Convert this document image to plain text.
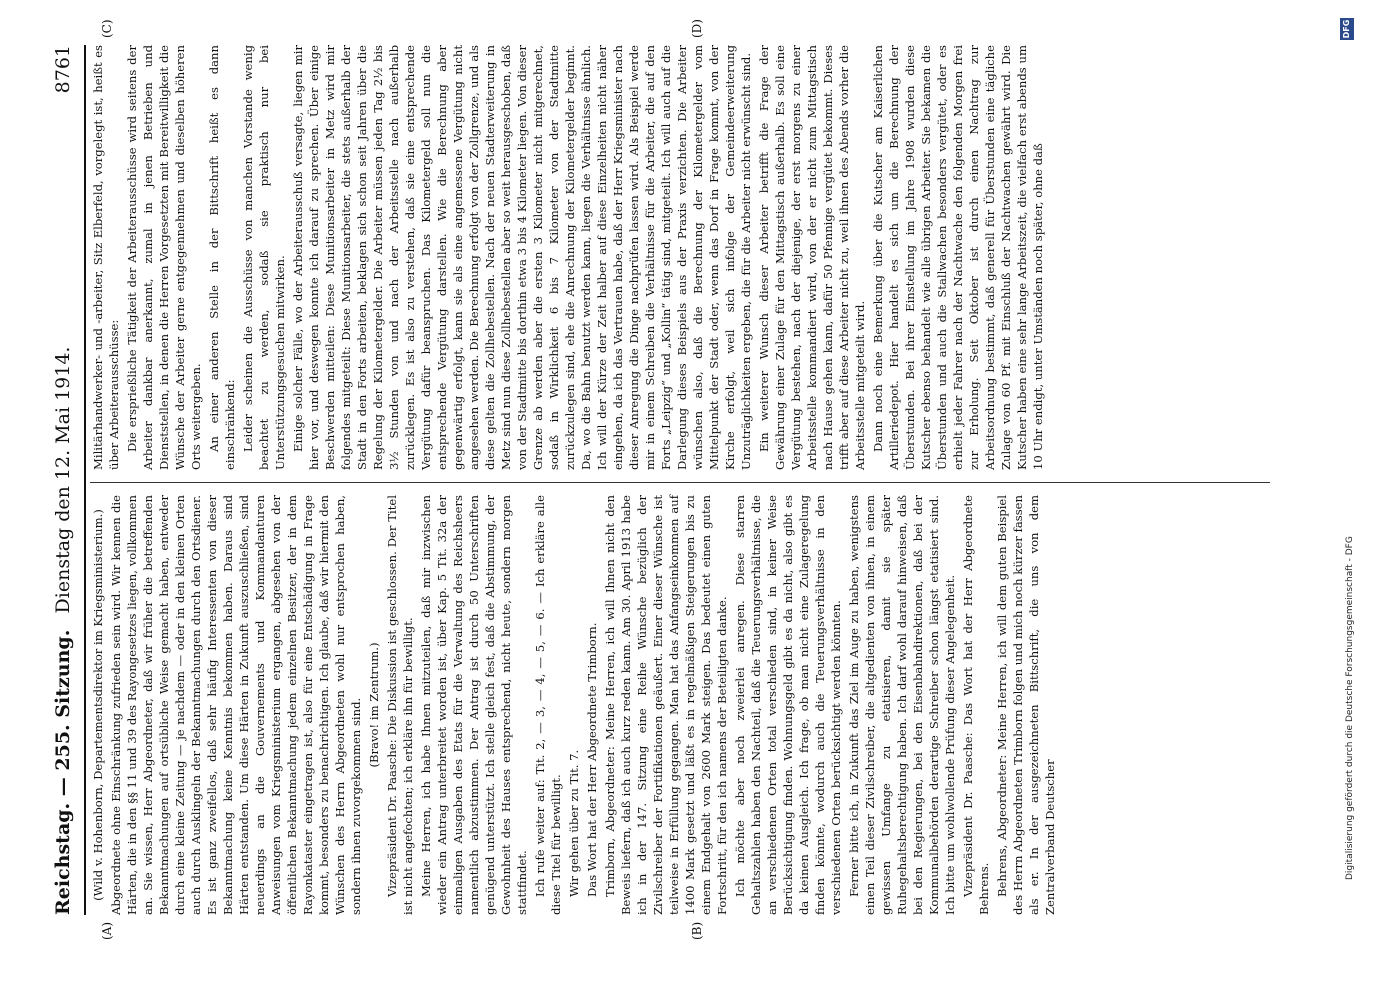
Reichstag. — 255. Sitzung.
Dienstag den 12. Mai 1914.
8761
(A)	(B)
(C)	(D)

(Wild v. Hohenborn, Departementsdirektor im Kriegsministerium.) Abgeordnete ohne Einschränkung zufrieden sein wird. Wir kennen die Härten, die in den §§ 11 und 39 des Rayongesetzes liegen, vollkommen an. Sie wissen, Herr Abgeordneter, daß wir früher die betreffenden Bekanntmachungen auf ortsübliche Weise gemacht haben, entweder durch eine kleine Zeitung — je nachdem — oder in den kleinen Orten auch durch Ausklingeln der Bekanntmachungen durch den Ortsdiener. Es ist ganz zweifellos, daß sehr häufig Interessenten von dieser Bekanntmachung keine Kenntnis bekommen haben. Daraus sind Härten entstanden. Um diese Härten in Zukunft auszuschließen, sind neuerdings an die Gouvernements und Kommandanturen Anweisungen vom Kriegsministerium ergangen, abgesehen von der öffentlichen Bekanntmachung jedem einzelnen Besitzer, der in dem Rayonkataster eingetragen ist, also für eine Entschädigung in Frage kommt, besonders zu benachrichtigen. Ich glaube, daß wir hiermit den Wünschen des Herrn Abgeordneten wohl nur entsprochen haben, sondern ihnen zuvorgekommen sind. (Bravo! im Zentrum.) Vizepräsident Dr. Paasche: Die Diskussion ist geschlossen. Der Titel ist nicht angefochten; ich erkläre ihn für bewilligt. Meine Herren, ich habe Ihnen mitzuteilen, daß mir inzwischen wieder ein Antrag unterbreitet worden ist, über Kap. 5 Tit. 32a der einmaligen Ausgaben des Etats für die Verwaltung des Reichsheers namentlich abzustimmen. Der Antrag ist durch 50 Unterschriften genügend unterstützt. Ich stelle gleich fest, daß die Abstimmung, der Gewohnheit des Hauses entsprechend, nicht heute, sondern morgen stattfindet. Ich rufe weiter auf: Tit. 2, — 3, — 4, — 5, — 6. — Ich erkläre alle diese Titel für bewilligt. Wir gehen über zu Tit. 7. Das Wort hat der Herr Abgeordnete Trimborn. Trimborn, Abgeordneter: Meine Herren, ich will Ihnen nicht den Beweis liefern, daß ich auch kurz reden kann. Am 30. April 1913 habe ich in der 147. Sitzung eine Reihe Wünsche bezüglich der Zivilschreiber der Fortifikationen geäußert. Einer dieser Wünsche ist teilweise in Erfüllung gegangen. Man hat das Anfangseinkommen auf 1400 Mark gesetzt und läßt es in regelmäßigen Steigerungen bis zu einem Endgehalt von 2600 Mark steigen. Das bedeutet einen guten Fortschritt, für den ich namens der Beteiligten danke. Ich möchte aber noch zweierlei anregen. Diese starren Gehaltszahlen haben den Nachteil, daß die Teuerungsverhältnisse, die an verschiedenen Orten total verschieden sind, in keiner Weise Berücksichtigung finden. Wohnungsgeld gibt es da nicht, also gibt es da keinen Ausgleich. Ich frage, ob man nicht eine Zulageregelung finden könnte, wodurch auch die Teuerungsverhältnisse in den verschiedenen Orten berücksichtigt werden könnten. Ferner bitte ich, in Zukunft das Ziel im Auge zu haben, wenigstens einen Teil dieser Zivilschreiber, die altgedienten von ihnen, in einem gewissen Umfange zu etatisieren, damit sie später Ruhegehaltsberechtigung haben. Ich darf wohl darauf hinweisen, daß bei den Regierungen, bei den Eisenbahndirektionen, daß bei der Kommunalbehörden derartige Schreiber schon längst etatisiert sind. Ich bitte um wohlwollende Prüfung dieser Angelegenheit. Vizepräsident Dr. Paasche: Das Wort hat der Herr Abgeordnete Behrens. Behrens, Abgeordneter: Meine Herren, ich will dem guten Beispiel des Herrn Abgeordneten Trimborn folgen und mich noch kürzer fassen als er. In der ausgezeichneten Bittschrift, die uns von dem Zentralverband Deutscher

Militärhandwerker- und -arbeiter, Sitz Elberfeld, vorgelegt ist, heißt es über Arbeiterausschüsse: Die ersprießliche Tätigkeit der Arbeiterausschüsse wird seitens der Arbeiter dankbar anerkannt, zumal in jenen Betrieben und Dienststellen, in denen die Herren Vorgesetzten mit Bereitwilligkeit die Wünsche der Arbeiter gerne entgegennehmen und dieselben höheren Orts weitergeben. An einer anderen Stelle in der Bittschrift heißt es dann einschränkend: Leider scheinen die Ausschüsse von manchen Vorstande wenig beachtet zu werden, sodaß sie praktisch nur bei Unterstützungsgesuchen mitwirken. Einige solcher Fälle, wo der Arbeiterausschuß versagte, liegen mir hier vor, und deswegen konnte ich darauf zu sprechen. Über einige Beschwerden mitteilen: Diese Munitionsarbeiter in Metz wird mir folgendes mitgeteilt: Diese Munitionsarbeiter, die stets außerhalb der Stadt in den Forts arbeiten, beklagen sich schon seit Jahren über die Regelung der Kilometergelder. Die Arbeiter müssen jeden Tag 2½ bis 3½ Stunden von und nach der Arbeitsstelle nach außerhalb zurücklegen. Es ist also zu verstehen, daß sie eine entsprechende Vergütung dafür beanspruchen. Das Kilometergeld soll nun die entsprechende Vergütung darstellen. Wie die Berechnung aber gegenwärtig erfolgt, kann sie als eine angemessene Vergütung nicht angesehen werden. Die Berechnung erfolgt von der Zollgrenze, und als diese gelten die Zollhebestellen. Nach der neuen Stadterweiterung in Metz sind nun diese Zollhebestellen aber so weit herausgeschoben, daß von der Stadtmitte bis dorthin etwa 3 bis 4 Kilometer liegen. Von dieser Grenze ab werden aber die ersten 3 Kilometer nicht mitgerechnet, sodaß in Wirklichkeit 6 bis 7 Kilometer von der Stadtmitte zurückzulegen sind, ehe die Anrechnung der Kilometergelder beginnt. Da, wo die Bahn benutzt werden kann, liegen die Verhältnisse ähnlich. Ich will der Kürze der Zeit halber auf diese Einzelheiten nicht näher eingehen, da ich das Vertrauen habe, daß der Herr Kriegsminister nach dieser Anregung die Dinge nachprüfen lassen wird. Als Beispiel werde mir in einem Schreiben die Verhältnisse für die Arbeiter, die auf den Forts „Leipzig“ und „Kollin“ tätig sind, mitgeteilt. Ich will auch auf die Darlegung dieses Beispiels aus der Praxis verzichten. Die Arbeiter wünschen also, daß die Berechnung der Kilometergelder vom Mittelpunkt der Stadt oder, wenn das Dorf in Frage kommt, von der Kirche erfolgt, weil sich infolge der Gemeindeerweiterung Unzuträglichkeiten ergeben, die für die Arbeiter nicht erwünscht sind. Ein weiterer Wunsch dieser Arbeiter betrifft die Frage der Gewährung einer Zulage für den Mittagstisch außerhalb. Es soll eine Vergütung bestehen, nach der diejenige, der erst morgens zu einer Arbeitsstelle kommandiert wird, von der er nicht zum Mittagstisch nach Hause gehen kann, dafür 50 Pfennige vergütet bekommt. Dieses trifft aber auf diese Arbeiter nicht zu, weil ihnen des Abends vorher die Arbeitsstelle mitgeteilt wird. Dann noch eine Bemerkung über die Kutscher am Kaiserlichen Artilleriedepot. Hier handelt es sich um die Berechnung der Überstunden. Bei ihrer Einstellung im Jahre 1908 wurden diese Kutscher ebenso behandelt wie alle übrigen Arbeiter. Sie bekamen die Überstunden und auch die Stallwachen besonders vergütet, oder es erhielt jeder Fahrer nach der Nachtwache den folgenden Morgen frei zur Erholung. Seit Oktober ist durch einen Nachtrag zur Arbeitsordnung bestimmt, daß generell für Überstunden eine tägliche Zulage von 60 Pf. mit Einschluß der Nachtwachen gewährt wird. Die Kutscher haben eine sehr lange Arbeitszeit, die vielfach erst abends um 10 Uhr endigt, unter Umständen noch später, ohne daß

Digitalisierung gefördert durch die Deutsche Forschungsgemeinschaft - DFG
DFG
